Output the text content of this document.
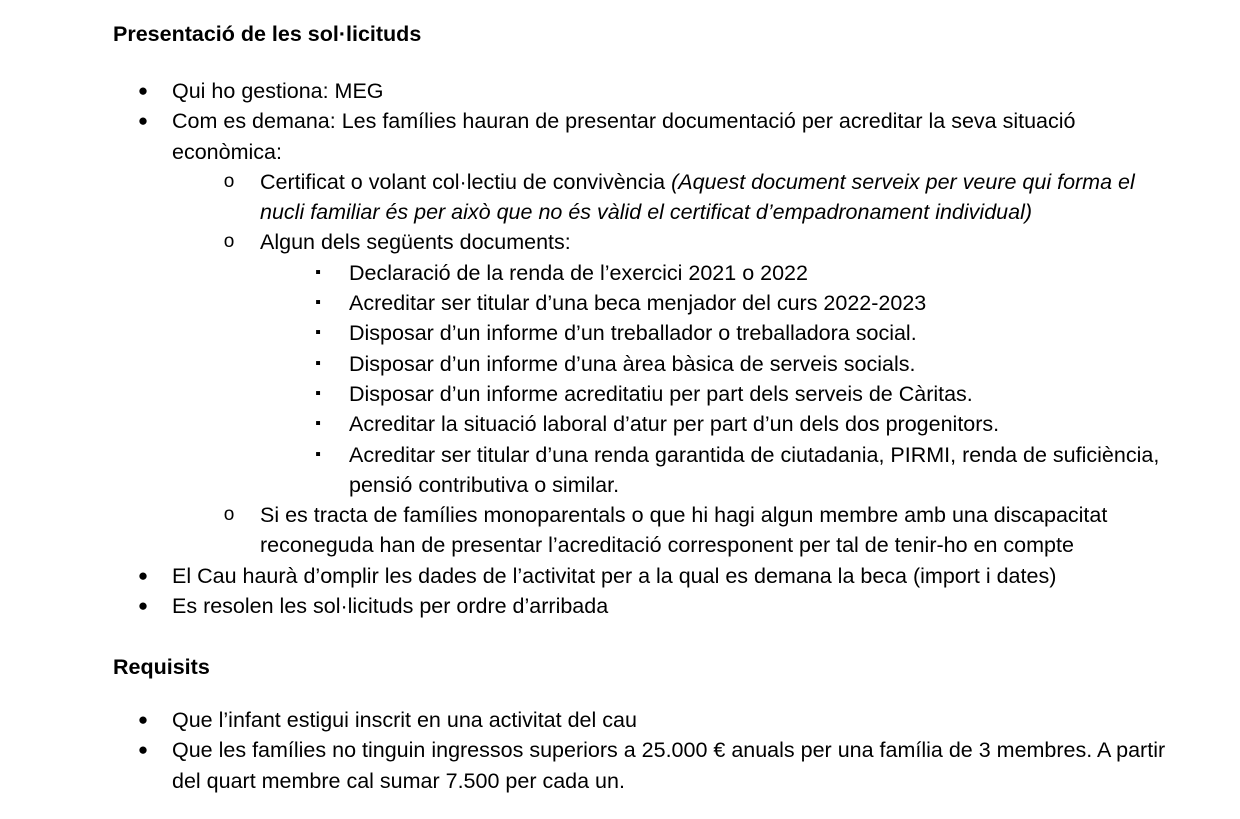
Presentació de les sol·licituds
● Qui ho gestiona: MEG
● Com es demana: Les famílies hauran de presentar documentació per acreditar la seva situació econòmica:
o Certificat o volant col·lectiu de convivència (Aquest document serveix per veure qui forma el nucli familiar és per això que no és vàlid el certificat d’empadronament individual)
o Algun dels següents documents:
▪ Declaració de la renda de l’exercici 2021 o 2022
▪ Acreditar ser titular d’una beca menjador del curs 2022-2023
▪ Disposar d’un informe d’un treballador o treballadora social.
▪ Disposar d’un informe d’una àrea bàsica de serveis socials.
▪ Disposar d’un informe acreditatiu per part dels serveis de Càritas.
▪ Acreditar la situació laboral d’atur per part d’un dels dos progenitors.
▪ Acreditar ser titular d’una renda garantida de ciutadania, PIRMI, renda de suficiència, pensió contributiva o similar.
o Si es tracta de famílies monoparentals o que hi hagi algun membre amb una discapacitat reconeguda han de presentar l’acreditació corresponent per tal de tenir-ho en compte
● El Cau haurà d’omplir les dades de l’activitat per a la qual es demana la beca (import i dates)
● Es resolen les sol·licituds per ordre d’arribada
Requisits
● Que l’infant estigui inscrit en una activitat del cau
● Que les famílies no tinguin ingressos superiors a 25.000 € anuals per una família de 3 membres. A partir del quart membre cal sumar 7.500 per cada un.
